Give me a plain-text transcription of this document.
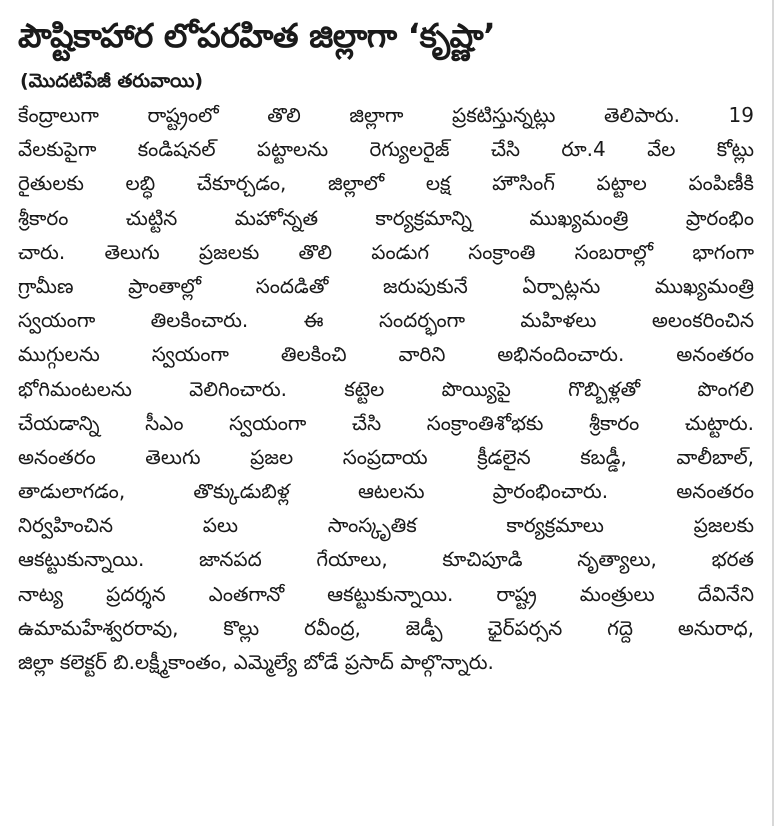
పౌష్టికాహార లోపరహిత జిల్లాగా ‘కృష్ణా’
(మొదటిపేజీ తరువాయి)
కేంద్రాలుగా రాష్ట్రంలో తొలి జిల్లాగా ప్రకటిస్తున్నట్లు తెలిపారు. 19
వేలకుపైగా కండిషనల్ పట్టాలను రెగ్యులరైజ్ చేసి రూ.4 వేల కోట్లు
రైతులకు లబ్ధి చేకూర్చడం, జిల్లాలో లక్ష హౌసింగ్ పట్టాల పంపిణీకి
శ్రీకారం చుట్టిన మహోన్నత కార్యక్రమాన్ని ముఖ్యమంత్రి ప్రారంభిం
చారు. తెలుగు ప్రజలకు తొలి పండుగ సంక్రాంతి సంబరాల్లో భాగంగా
గ్రామీణ ప్రాంతాల్లో సందడితో జరుపుకునే ఏర్పాట్లను ముఖ్యమంత్రి
స్వయంగా తిలకించారు. ఈ సందర్భంగా మహిళలు అలంకరించిన
ముగ్గులను స్వయంగా తిలకించి వారిని అభినందించారు. అనంతరం
భోగిమంటలను వెలిగించారు. కట్టెల పొయ్యిపై గొబ్బిళ్లతో పొంగలి
చేయడాన్ని సీఎం స్వయంగా చేసి సంక్రాంతిశోభకు శ్రీకారం చుట్టారు.
అనంతరం తెలుగు ప్రజల సంప్రదాయ క్రీడలైన కబడ్డీ, వాలీబాల్,
తాడులాగడం, తొక్కుడుబిళ్ల ఆటలను ప్రారంభించారు. అనంతరం
నిర్వహించిన పలు సాంస్కృతిక కార్యక్రమాలు ప్రజలకు
ఆకట్టుకున్నాయి. జానపద గేయాలు, కూచిపూడి నృత్యాలు, భరత
నాట్య ప్రదర్శన ఎంతగానో ఆకట్టుకున్నాయి. రాష్ట్ర మంత్రులు దేవినేని
ఉమామహేశ్వరరావు, కొల్లు రవీంద్ర, జెడ్పీ ఛైర్‌పర్సన గద్దె అనురాధ,
జిల్లా కలెక్టర్ బి.లక్ష్మీకాంతం, ఎమ్మెల్యే బోడే ప్రసాద్ పాల్గొన్నారు.
